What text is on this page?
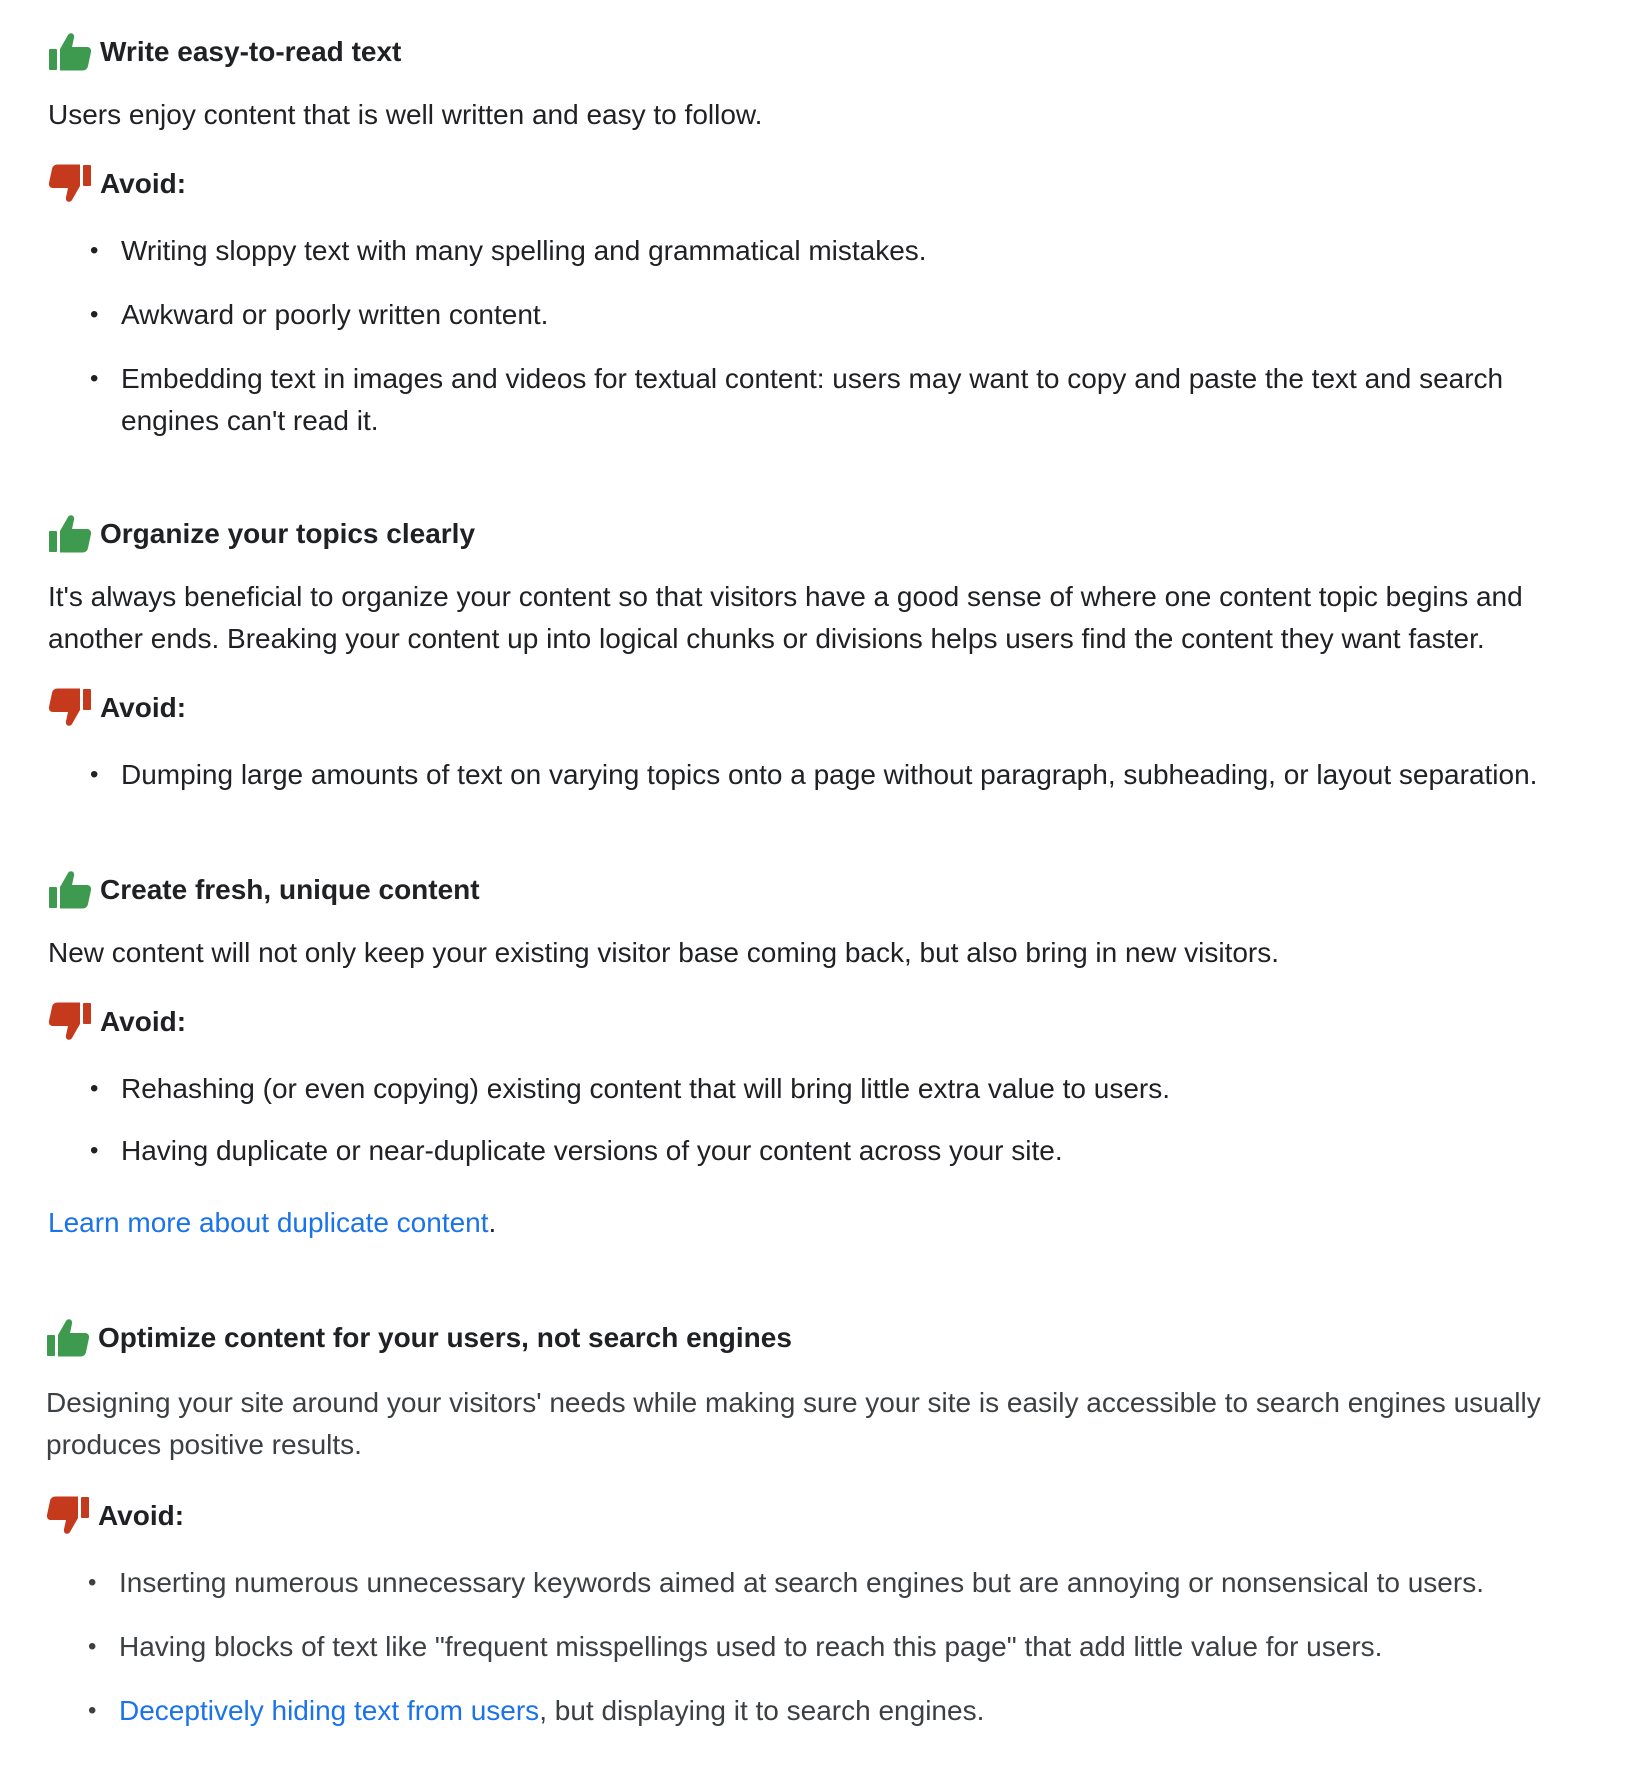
Write easy-to-read text

Users enjoy content that is well written and easy to follow.

Avoid:
• Writing sloppy text with many spelling and grammatical mistakes.
• Awkward or poorly written content.
• Embedding text in images and videos for textual content: users may want to copy and paste the text and search engines can't read it.
Organize your topics clearly

It's always beneficial to organize your content so that visitors have a good sense of where one content topic begins and another ends. Breaking your content up into logical chunks or divisions helps users find the content they want faster.

Avoid:
• Dumping large amounts of text on varying topics onto a page without paragraph, subheading, or layout separation.
Create fresh, unique content

New content will not only keep your existing visitor base coming back, but also bring in new visitors.

Avoid:
• Rehashing (or even copying) existing content that will bring little extra value to users.
• Having duplicate or near-duplicate versions of your content across your site.

Learn more about duplicate content.

Optimize content for your users, not search engines

Designing your site around your visitors' needs while making sure your site is easily accessible to search engines usually produces positive results.

Avoid:
• Inserting numerous unnecessary keywords aimed at search engines but are annoying or nonsensical to users.
• Having blocks of text like "frequent misspellings used to reach this page" that add little value for users.
• Deceptively hiding text from users, but displaying it to search engines.
